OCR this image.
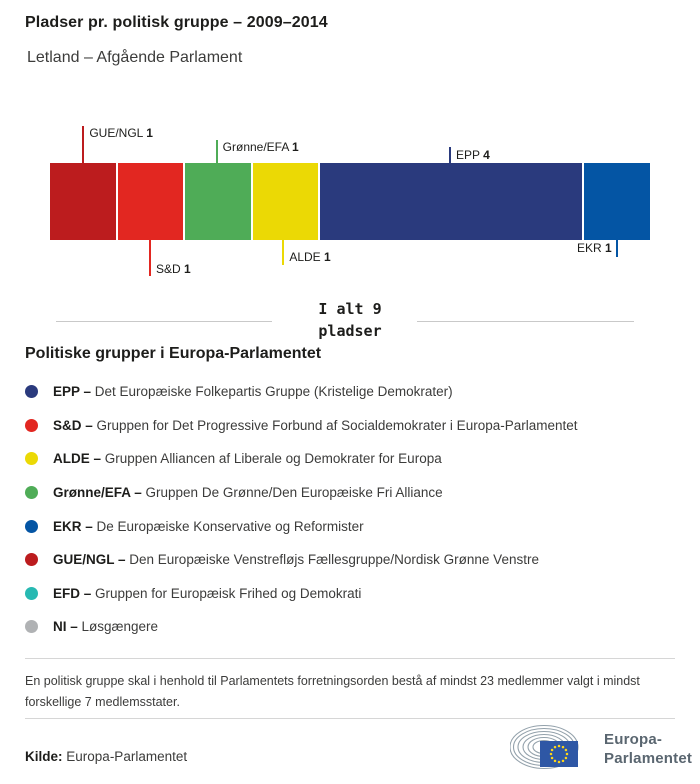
Pladser pr. politisk gruppe – 2009–2014
Letland – Afgående Parlament
GUE/NGL 1
S&D 1
Grønne/EFA 1
ALDE 1
EPP 4
EKR 1
I alt 9
pladser
Politiske grupper i Europa-Parlamentet
EPP – Det Europæiske Folkepartis Gruppe (Kristelige Demokrater)
S&D – Gruppen for Det Progressive Forbund af Socialdemokrater i Europa-Parlamentet
ALDE – Gruppen Alliancen af Liberale og Demokrater for Europa
Grønne/EFA – Gruppen De Grønne/Den Europæiske Fri Alliance
EKR – De Europæiske Konservative og Reformister
GUE/NGL – Den Europæiske Venstrefløjs Fællesgruppe/Nordisk Grønne Venstre
EFD – Gruppen for Europæisk Frihed og Demokrati
NI – Løsgængere
En politisk gruppe skal i henhold til Parlamentets forretningsorden bestå af mindst 23 medlemmer valgt i mindst forskellige 7 medlemsstater.
Kilde: Europa-Parlamentet
Europa-
Parlamentet
